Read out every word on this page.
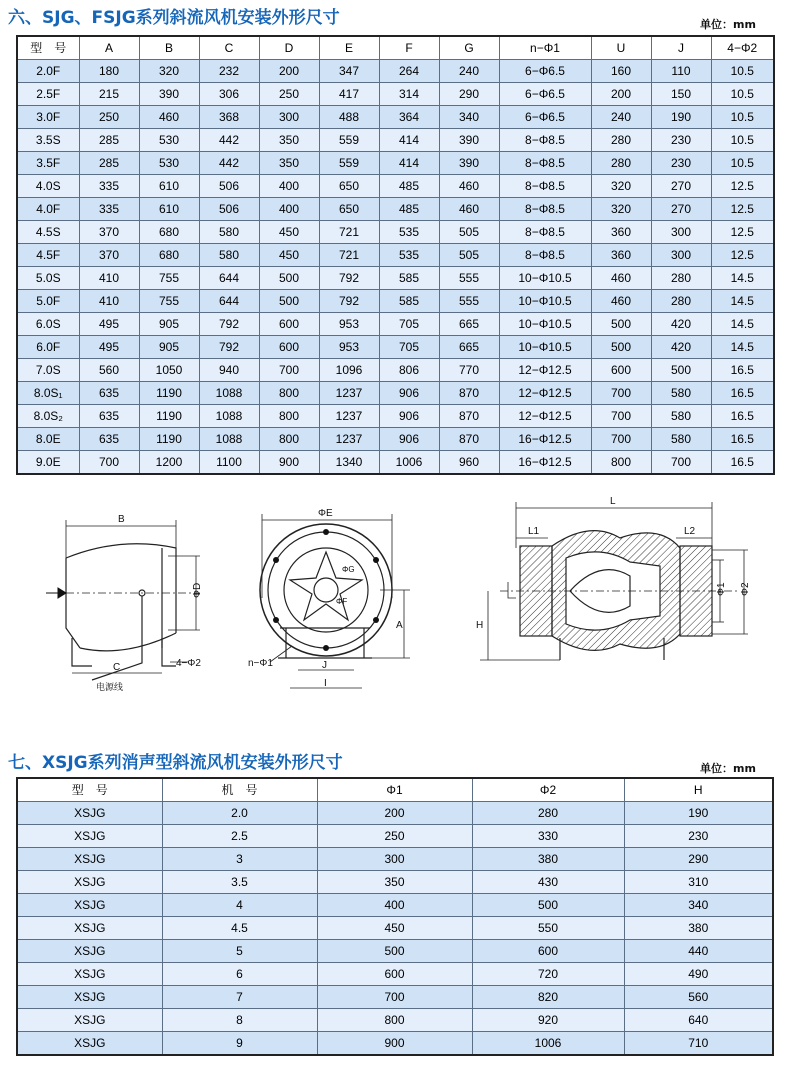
六、SJG、FSJG系列斜流风机安装外形尺寸	单位：mm
型　号	A	B	C	D	E	F	G	n−Φ1	U	J	4−Φ2
2.0F	180	320	232	200	347	264	240	6−Φ6.5	160	110	10.5
2.5F	215	390	306	250	417	314	290	6−Φ6.5	200	150	10.5
3.0F	250	460	368	300	488	364	340	6−Φ6.5	240	190	10.5
3.5S	285	530	442	350	559	414	390	8−Φ8.5	280	230	10.5
3.5F	285	530	442	350	559	414	390	8−Φ8.5	280	230	10.5
4.0S	335	610	506	400	650	485	460	8−Φ8.5	320	270	12.5
4.0F	335	610	506	400	650	485	460	8−Φ8.5	320	270	12.5
4.5S	370	680	580	450	721	535	505	8−Φ8.5	360	300	12.5
4.5F	370	680	580	450	721	535	505	8−Φ8.5	360	300	12.5
5.0S	410	755	644	500	792	585	555	10−Φ10.5	460	280	14.5
5.0F	410	755	644	500	792	585	555	10−Φ10.5	460	280	14.5
6.0S	495	905	792	600	953	705	665	10−Φ10.5	500	420	14.5
6.0F	495	905	792	600	953	705	665	10−Φ10.5	500	420	14.5
7.0S	560	1050	940	700	1096	806	770	12−Φ12.5	600	500	16.5
8.0S₁	635	1190	1088	800	1237	906	870	12−Φ12.5	700	580	16.5
8.0S₂	635	1190	1088	800	1237	906	870	12−Φ12.5	700	580	16.5
8.0E	635	1190	1088	800	1237	906	870	16−Φ12.5	700	580	16.5
9.0E	700	1200	1100	900	1340	1006	960	16−Φ12.5	800	700	16.5
B
ΦD
C	4−Φ2
电源线
ΦE
ΦG
ΦF
A
n−Φ1	J
I
L
L1	L2
H
Φ1 Φ2
七、XSJG系列消声型斜流风机安装外形尺寸	单位：mm
型　号	机　号	Φ1	Φ2	H
XSJG	2.0	200	280	190
XSJG	2.5	250	330	230
XSJG	3	300	380	290
XSJG	3.5	350	430	310
XSJG	4	400	500	340
XSJG	4.5	450	550	380
XSJG	5	500	600	440
XSJG	6	600	720	490
XSJG	7	700	820	560
XSJG	8	800	920	640
XSJG	9	900	1006	710
